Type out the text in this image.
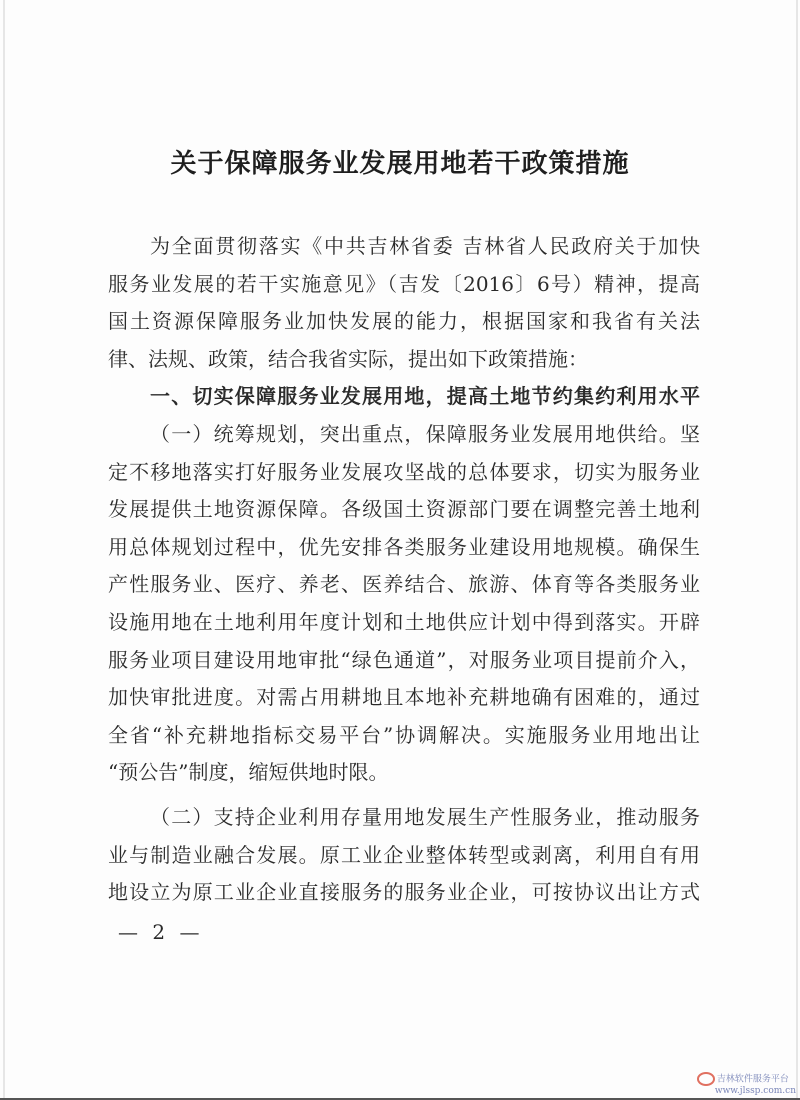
关于保障服务业发展用地若干政策措施
为全面贯彻落实《中共吉林省委 吉林省人民政府关于加快
服务业发展的若干实施意见》（吉发〔2016〕6号）精神，提高
国土资源保障服务业加快发展的能力，根据国家和我省有关法
律、法规、政策，结合我省实际，提出如下政策措施：
一、切实保障服务业发展用地，提高土地节约集约利用水平
（一）统筹规划，突出重点，保障服务业发展用地供给。坚
定不移地落实打好服务业发展攻坚战的总体要求，切实为服务业
发展提供土地资源保障。各级国土资源部门要在调整完善土地利
用总体规划过程中，优先安排各类服务业建设用地规模。确保生
产性服务业、医疗、养老、医养结合、旅游、体育等各类服务业
设施用地在土地利用年度计划和土地供应计划中得到落实。开辟
服务业项目建设用地审批“绿色通道”，对服务业项目提前介入，
加快审批进度。对需占用耕地且本地补充耕地确有困难的，通过
全省“补充耕地指标交易平台”协调解决。实施服务业用地出让
“预公告”制度，缩短供地时限。
（二）支持企业利用存量用地发展生产性服务业，推动服务
业与制造业融合发展。原工业企业整体转型或剥离，利用自有用
地设立为原工业企业直接服务的服务业企业，可按协议出让方式
— 2 —
吉林软件服务平台
www.jlssp.com.cn
